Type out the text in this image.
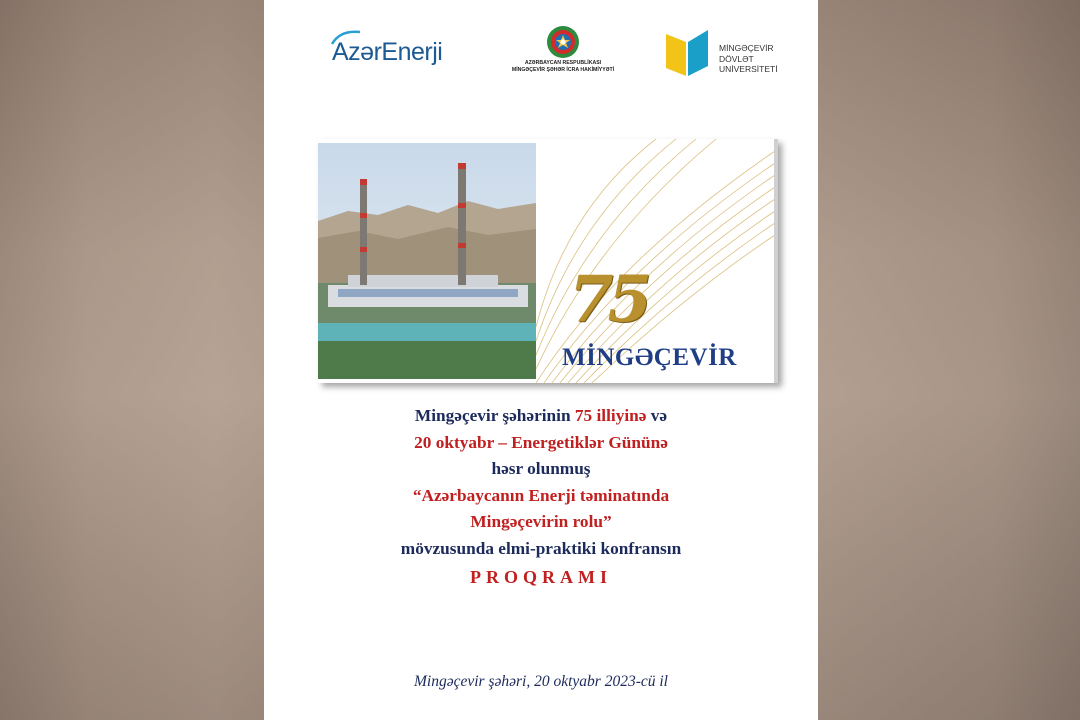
AzərEnerji	AZƏRBAYCAN RESPUBLİKASI
MİNGƏÇEVİR ŞƏHƏR İCRA HAKİMİYYƏTİ
MİNGƏÇEVİR
DÖVLƏT
UNİVERSİTETİ
75
MİNGƏÇEVİR
Mingəçevir şəhərinin 75 illiyinə və
20 oktyabr – Energetiklər Gününə
həsr olunmuş
“Azərbaycanın Enerji təminatında
Mingəçevirin rolu”
mövzusunda elmi-praktiki konfransın
PROQRAMI
Mingəçevir şəhəri, 20 oktyabr 2023-cü il
